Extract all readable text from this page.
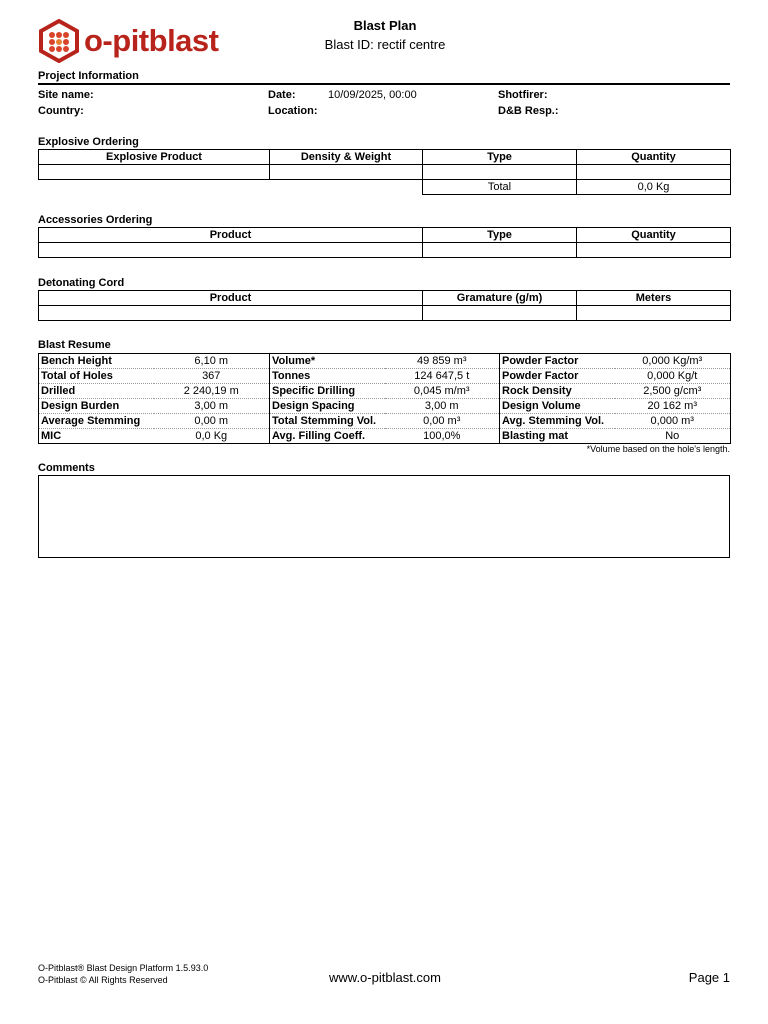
o-pitblast	Blast Plan
Blast ID: rectif centre
Project Information
Site name:
Country:
Date:	10/09/2025, 00:00
Location:
Shotfirer:
D&B Resp.:
Explosive Ordering
Explosive Product	Density & Weight	Type	Quantity

		Total	0,0 Kg
Accessories Ordering
Product	Type	Quantity

Detonating Cord
Product	Gramature (g/m)	Meters

Blast Resume
Bench Height	6,10 m	Volume*	49 859 m³	Powder Factor	0,000 Kg/m³
Total of Holes	367	Tonnes	124 647,5 t	Powder Factor	0,000 Kg/t
Drilled	2 240,19 m	Specific Drilling	0,045 m/m³	Rock Density	2,500 g/cm³
Design Burden	3,00 m	Design Spacing	3,00 m	Design Volume	20 162 m³
Average Stemming	0,00 m	Total Stemming Vol.	0,00 m³	Avg. Stemming Vol.	0,000 m³
MIC	0,0 Kg	Avg. Filling Coeff.	100,0%	Blasting mat	No
*Volume based on the hole's length.
Comments
O-Pitblast® Blast Design Platform 1.5.93.0
O-Pitblast © All Rights Reserved	www.o-pitblast.com	Page 1
